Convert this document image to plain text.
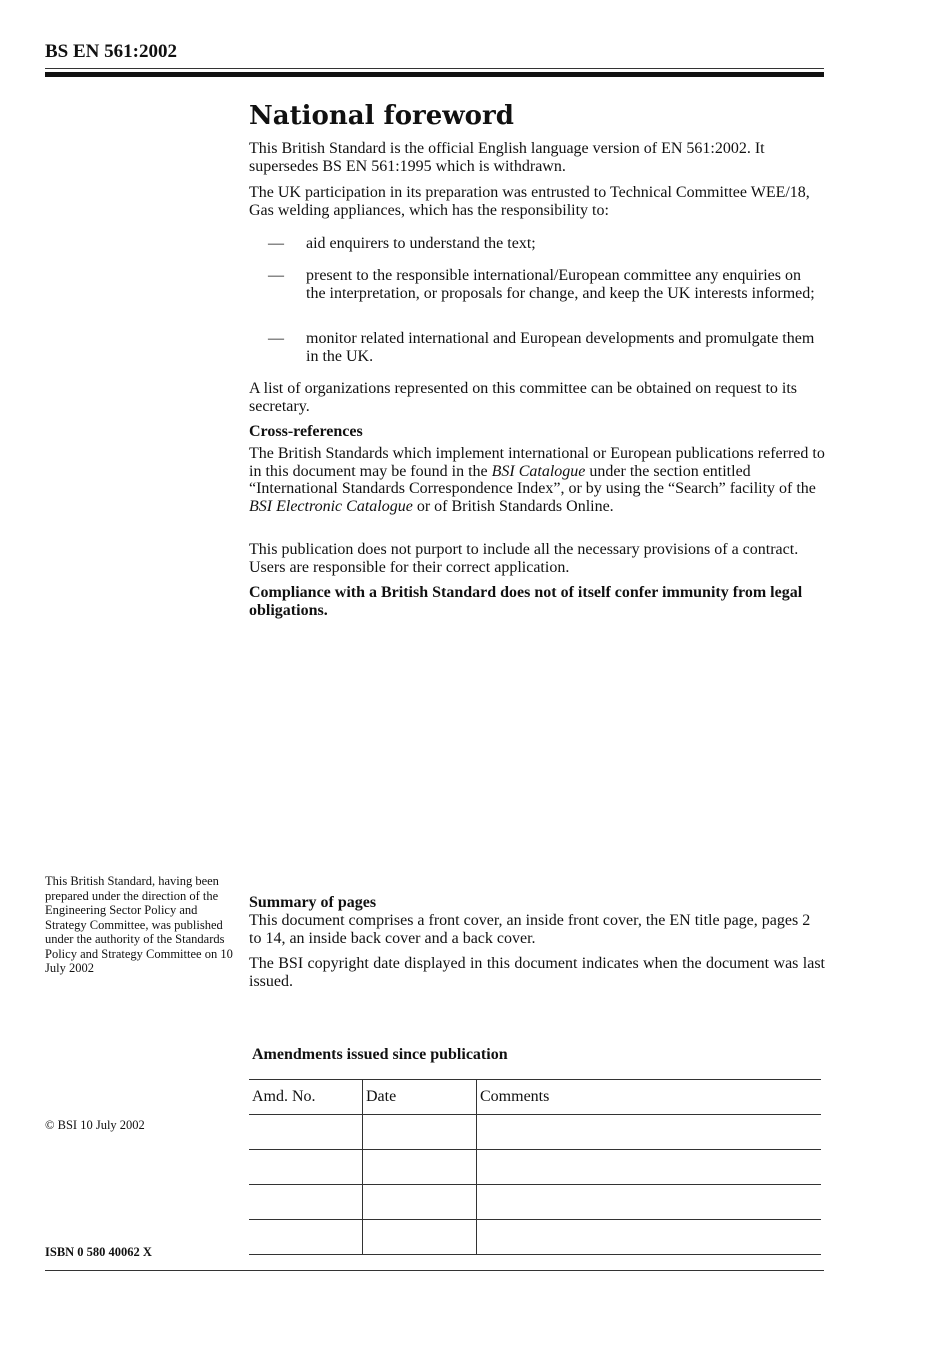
BS EN 561:2002
National foreword
This British Standard is the official English language version of EN 561:2002. It supersedes BS EN 561:1995 which is withdrawn.
The UK participation in its preparation was entrusted to Technical Committee WEE/18, Gas welding appliances, which has the responsibility to:
— aid enquirers to understand the text;
— present to the responsible international/European committee any enquiries on the interpretation, or proposals for change, and keep the UK interests informed;
— monitor related international and European developments and promulgate them in the UK.
A list of organizations represented on this committee can be obtained on request to its secretary.
Cross-references
The British Standards which implement international or European publications referred to in this document may be found in the BSI Catalogue under the section entitled “International Standards Correspondence Index”, or by using the “Search” facility of the BSI Electronic Catalogue or of British Standards Online.
This publication does not purport to include all the necessary provisions of a contract. Users are responsible for their correct application.
Compliance with a British Standard does not of itself confer immunity from legal obligations.
This British Standard, having been prepared under the direction of the Engineering Sector Policy and Strategy Committee, was published under the authority of the Standards Policy and Strategy Committee on 10 July 2002
Summary of pages
This document comprises a front cover, an inside front cover, the EN title page, pages 2 to 14, an inside back cover and a back cover.
The BSI copyright date displayed in this document indicates when the document was last issued.
Amendments issued since publication
Amd. No.	Date	Comments

© BSI 10 July 2002
ISBN 0 580 40062 X
